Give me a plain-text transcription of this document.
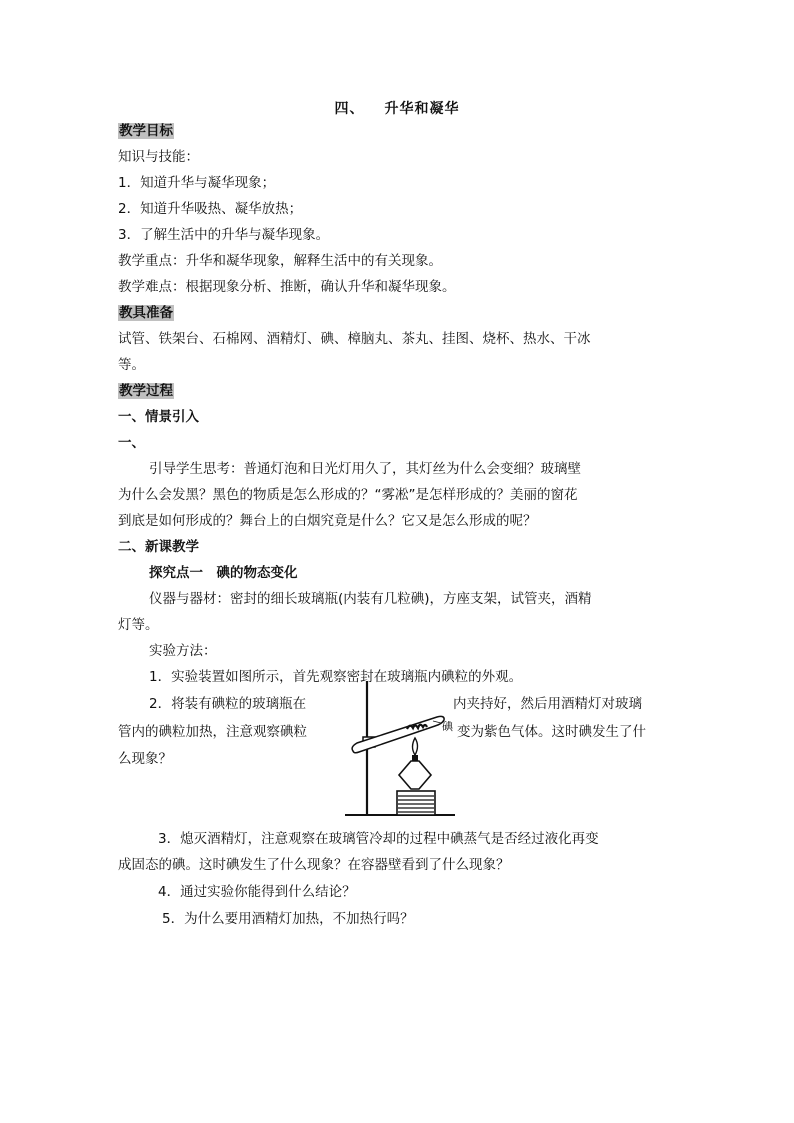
四、 升华和凝华
教学目标
知识与技能：
1．知道升华与凝华现象；
2．知道升华吸热、凝华放热；
3．了解生活中的升华与凝华现象。
教学重点：升华和凝华现象，解释生活中的有关现象。
教学难点：根据现象分析、推断，确认升华和凝华现象。
教具准备
试管、铁架台、石棉网、酒精灯、碘、樟脑丸、茶丸、挂图、烧杯、热水、干冰
等。
教学过程
一、情景引入
一、
引导学生思考：普通灯泡和日光灯用久了，其灯丝为什么会变细？玻璃壁
为什么会发黑？黑色的物质是怎么形成的？“雾凇”是怎样形成的？美丽的窗花
到底是如何形成的？舞台上的白烟究竟是什么？它又是怎么形成的呢？
二、新课教学
探究点一　碘的物态变化
仪器与器材：密封的细长玻璃瓶(内装有几粒碘)，方座支架，试管夹，酒精
灯等。
实验方法：
1．实验装置如图所示，首先观察密封在玻璃瓶内碘粒的外观。
2．将装有碘粒的玻璃瓶在	内夹持好，然后用酒精灯对玻璃
管内的碘粒加热，注意观察碘粒	变为紫色气体。这时碘发生了什
么现象？
碘
3．熄灭酒精灯，注意观察在玻璃管冷却的过程中碘蒸气是否经过液化再变
成固态的碘。这时碘发生了什么现象？在容器壁看到了什么现象？
4．通过实验你能得到什么结论？
5．为什么要用酒精灯加热，不加热行吗？
